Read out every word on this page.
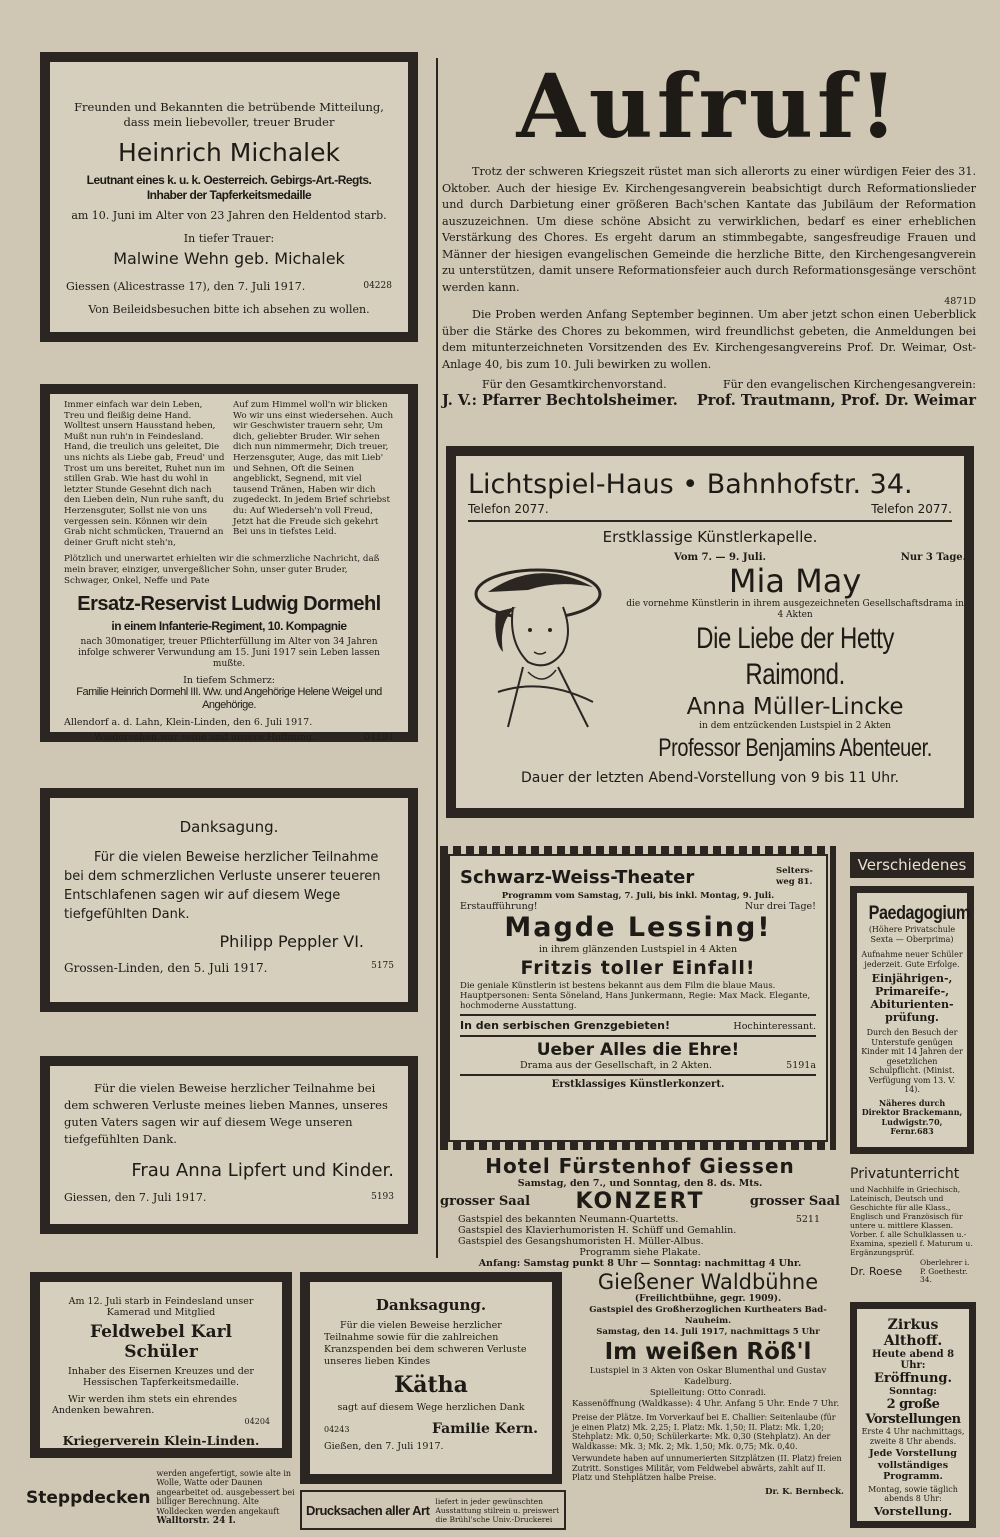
Freunden und Bekannten die betrübende Mitteilung, dass mein liebevoller, treuer Bruder

Heinrich Michalek

Leutnant eines k. u. k. Oesterreich. Gebirgs-Art.-Regts. Inhaber der Tapferkeitsmedaille

am 10. Juni im Alter von 23 Jahren den Heldentod starb.

In tiefer Trauer:

Malwine Wehn geb. Michalek

Giessen (Alicestrasse 17), den 7. Juli 1917.	04228

Von Beileidsbesuchen bitte ich absehen zu wollen.

Immer einfach war dein Leben, Treu und fleißig deine Hand. Wolltest unsern Hausstand heben, Mußt nun ruh'n in Feindesland. Hand, die treulich uns geleitet, Die uns nichts als Liebe gab, Freud' und Trost um uns bereitet, Ruhet nun im stillen Grab. Wie hast du wohl in letzter Stunde Gesehnt dich nach den Lieben dein, Nun ruhe sanft, du Herzensguter, Sollst nie von uns vergessen sein. Können wir dein Grab nicht schmücken, Trauernd an deiner Gruft nicht steh'n,

Auf zum Himmel woll'n wir blicken Wo wir uns einst wiedersehen. Auch wir Geschwister trauern sehr, Um dich, geliebter Bruder. Wir sehen dich nun nimmermehr, Dich treuer, Herzensguter, Auge, das mit Lieb' und Sehnen, Oft die Seinen angeblickt, Segnend, mit viel tausend Tränen, Haben wir dich zugedeckt. In jedem Brief schriebst du: Auf Wiederseh'n voll Freud, Jetzt hat die Freude sich gekehrt Bei uns in tiefstes Leid.

Plötzlich und unerwartet erhielten wir die schmerzliche Nachricht, daß mein braver, einziger, unvergeßlicher Sohn, unser guter Bruder, Schwager, Onkel, Neffe und Pate

Ersatz-Reservist Ludwig Dormehl

in einem Infanterie-Regiment, 10. Kompagnie

nach 30monatiger, treuer Pflichterfüllung im Alter von 34 Jahren infolge schwerer Verwundung am 15. Juni 1917 sein Leben lassen mußte.

In tiefem Schmerz:

Familie Heinrich Dormehl III. Ww. und Angehörige Helene Weigel und Angehörige.

Allendorf a. d. Lahn, Klein-Linden, den 6. Juli 1917.

Wiedersehen war seine und unsere Hoffnung.	04191

Danksagung.

Für die vielen Beweise herzlicher Teilnahme bei dem schmerzlichen Verluste unserer teueren Entschlafenen sagen wir auf diesem Wege tiefgefühlten Dank.

Philipp Peppler VI.

Grossen-Linden, den 5. Juli 1917.	5175

Für die vielen Beweise herzlicher Teilnahme bei dem schweren Verluste meines lieben Mannes, unseres guten Vaters sagen wir auf diesem Wege unseren tiefgefühlten Dank.

Frau Anna Lipfert und Kinder.

Giessen, den 7. Juli 1917.	5193

Aufruf!

Trotz der schweren Kriegszeit rüstet man sich allerorts zu einer würdigen Feier des 31. Oktober. Auch der hiesige Ev. Kirchengesangverein beabsichtigt durch Reformationslieder und durch Darbietung einer größeren Bach'schen Kantate das Jubiläum der Reformation auszuzeichnen. Um diese schöne Absicht zu verwirklichen, bedarf es einer erheblichen Verstärkung des Chores. Es ergeht darum an stimmbegabte, sangesfreudige Frauen und Männer der hiesigen evangelischen Gemeinde die herzliche Bitte, den Kirchengesangverein zu unterstützen, damit unsere Reformationsfeier auch durch Reformationsgesänge verschönt werden kann.

4871D

Die Proben werden Anfang September beginnen. Um aber jetzt schon einen Ueberblick über die Stärke des Chores zu bekommen, wird freundlichst gebeten, die Anmeldungen bei dem mitunterzeichneten Vorsitzenden des Ev. Kirchengesangvereins Prof. Dr. Weimar, Ost-Anlage 40, bis zum 10. Juli bewirken zu wollen.

Für den Gesamtkirchenvorstand.	Für den evangelischen Kirchengesangverein:
J. V.: Pfarrer Bechtolsheimer. Prof. Trautmann, Prof. Dr. Weimar

Lichtspiel-Haus • Bahnhofstr. 34.

Telefon 2077.	Telefon 2077.

Erstklassige Künstlerkapelle.

Vom 7. — 9. Juli.	Nur 3 Tage.

Mia May

die vornehme Künstlerin in ihrem ausgezeichneten Gesellschaftsdrama in 4 Akten

Die Liebe der Hetty Raimond.

Anna Müller-Lincke

in dem entzückenden Lustspiel in 2 Akten

Professor Benjamins Abenteuer.

Dauer der letzten Abend-Vorstellung von 9 bis 11 Uhr.

Schwarz-Weiss-Theater	Selters-weg 81.

Programm vom Samstag, 7. Juli, bis inkl. Montag, 9. Juli.

Erstaufführung!	Nur drei Tage!

Magde Lessing!

in ihrem glänzenden Lustspiel in 4 Akten

Fritzis toller Einfall!

Die geniale Künstlerin ist bestens bekannt aus dem Film die blaue Maus. Hauptpersonen: Senta Söneland, Hans Junkermann, Regie: Max Mack. Elegante, hochmoderne Ausstattung.

In den serbischen Grenzgebieten!	Hochinteressant.

Ueber Alles die Ehre!

Drama aus der Gesellschaft, in 2 Akten.	5191a

Erstklassiges Künstlerkonzert.

Hotel Fürstenhof Giessen

Samstag, den 7., und Sonntag, den 8. ds. Mts.

grosser Saal KONZERT	grosser Saal
Gastspiel des bekannten Neumann-Quartetts.	5211

Gastspiel des Klavierhumoristen H. Schüff und Gemahlin.

Gastspiel des Gesangshumoristen H. Müller-Albus.

Programm siehe Plakate.

Anfang: Samstag punkt 8 Uhr — Sonntag: nachmittag 4 Uhr.

Verschiedenes

Paedagogium

(Höhere Privatschule Sexta — Oberprima)

Aufnahme neuer Schüler jederzeit. Gute Erfolge.

Einjährigen-, Primareife-, Abiturienten-prüfung.

Durch den Besuch der Unterstufe genügen Kinder mit 14 Jahren der gesetzlichen Schulpflicht. (Minist. Verfügung vom 13. V. 14).

Näheres durch Direktor Brackemann, Ludwigstr.70, Fernr.683

Privatunterricht

und Nachhilfe in Griechisch, Lateinisch, Deutsch und Geschichte für alle Klass., Englisch und Französisch für untere u. mittlere Klassen. Vorber. f. alle Schulklassen u.-Examina, speziell f. Maturum u. Ergänzungsprüf.

Dr. Roese
Oberlehrer i. P. Goethestr. 34.

Am 12. Juli starb in Feindesland unser Kamerad und Mitglied

Feldwebel Karl Schüler

Inhaber des Eisernen Kreuzes und der Hessischen Tapferkeitsmedaille.

Wir werden ihm stets ein ehrendes Andenken bewahren.

04204

Kriegerverein Klein-Linden.

Danksagung.

Für die vielen Beweise herzlicher Teilnahme sowie für die zahlreichen Kranzspenden bei dem schweren Verluste unseres lieben Kindes

Kätha

sagt auf diesem Wege herzlichen Dank

04243	Familie Kern.

Gießen, den 7. Juli 1917.

Gießener Waldbühne

(Freilichtbühne, gegr. 1909).

Gastspiel des Großherzoglichen Kurtheaters Bad-Nauheim.

Samstag, den 14. Juli 1917, nachmittags 5 Uhr

Im weißen Röß'l

Lustspiel in 3 Akten von Oskar Blumenthal und Gustav Kadelburg.

Spielleitung: Otto Conradi.

Kassenöffnung (Waldkasse): 4 Uhr. Anfang 5 Uhr. Ende 7 Uhr.

Preise der Plätze. Im Vorverkauf bei E. Challier: Seitenlaube (für je einen Platz) Mk. 2,25; I. Platz: Mk. 1,50; II. Platz: Mk. 1,20; Stehplatz: Mk. 0,50; Schülerkarte: Mk. 0,30 (Stehplatz). An der Waldkasse: Mk. 3; Mk. 2; Mk. 1,50; Mk. 0,75; Mk. 0,40.

Verwundete haben auf unnumerierten Sitzplätzen (II. Platz) freien Zutritt. Sonstiges Militär, vom Feldwebel abwärts, zahlt auf II. Platz und Stehplätzen halbe Preise.

Dr. K. Bernbeck.

Zirkus Althoff.

Heute abend 8 Uhr:

Eröffnung.

Sonntag:

2 große Vorstellungen

Erste 4 Uhr nachmittags, zweite 8 Uhr abends.

Jede Vorstellung vollständiges Programm.

Montag, sowie täglich abends 8 Uhr:

Vorstellung.

Steppdecken

werden angefertigt, sowie alte in Wolle, Watte oder Daunen angearbeitet od. ausgebessert bei billiger Berechnung. Alte Wolldecken werden angekauft

Walltorstr. 24 I.

Drucksachen aller Art

liefert in jeder gewünschten Ausstattung stilrein u. preiswert die Brühl'sche Univ.-Druckerei
